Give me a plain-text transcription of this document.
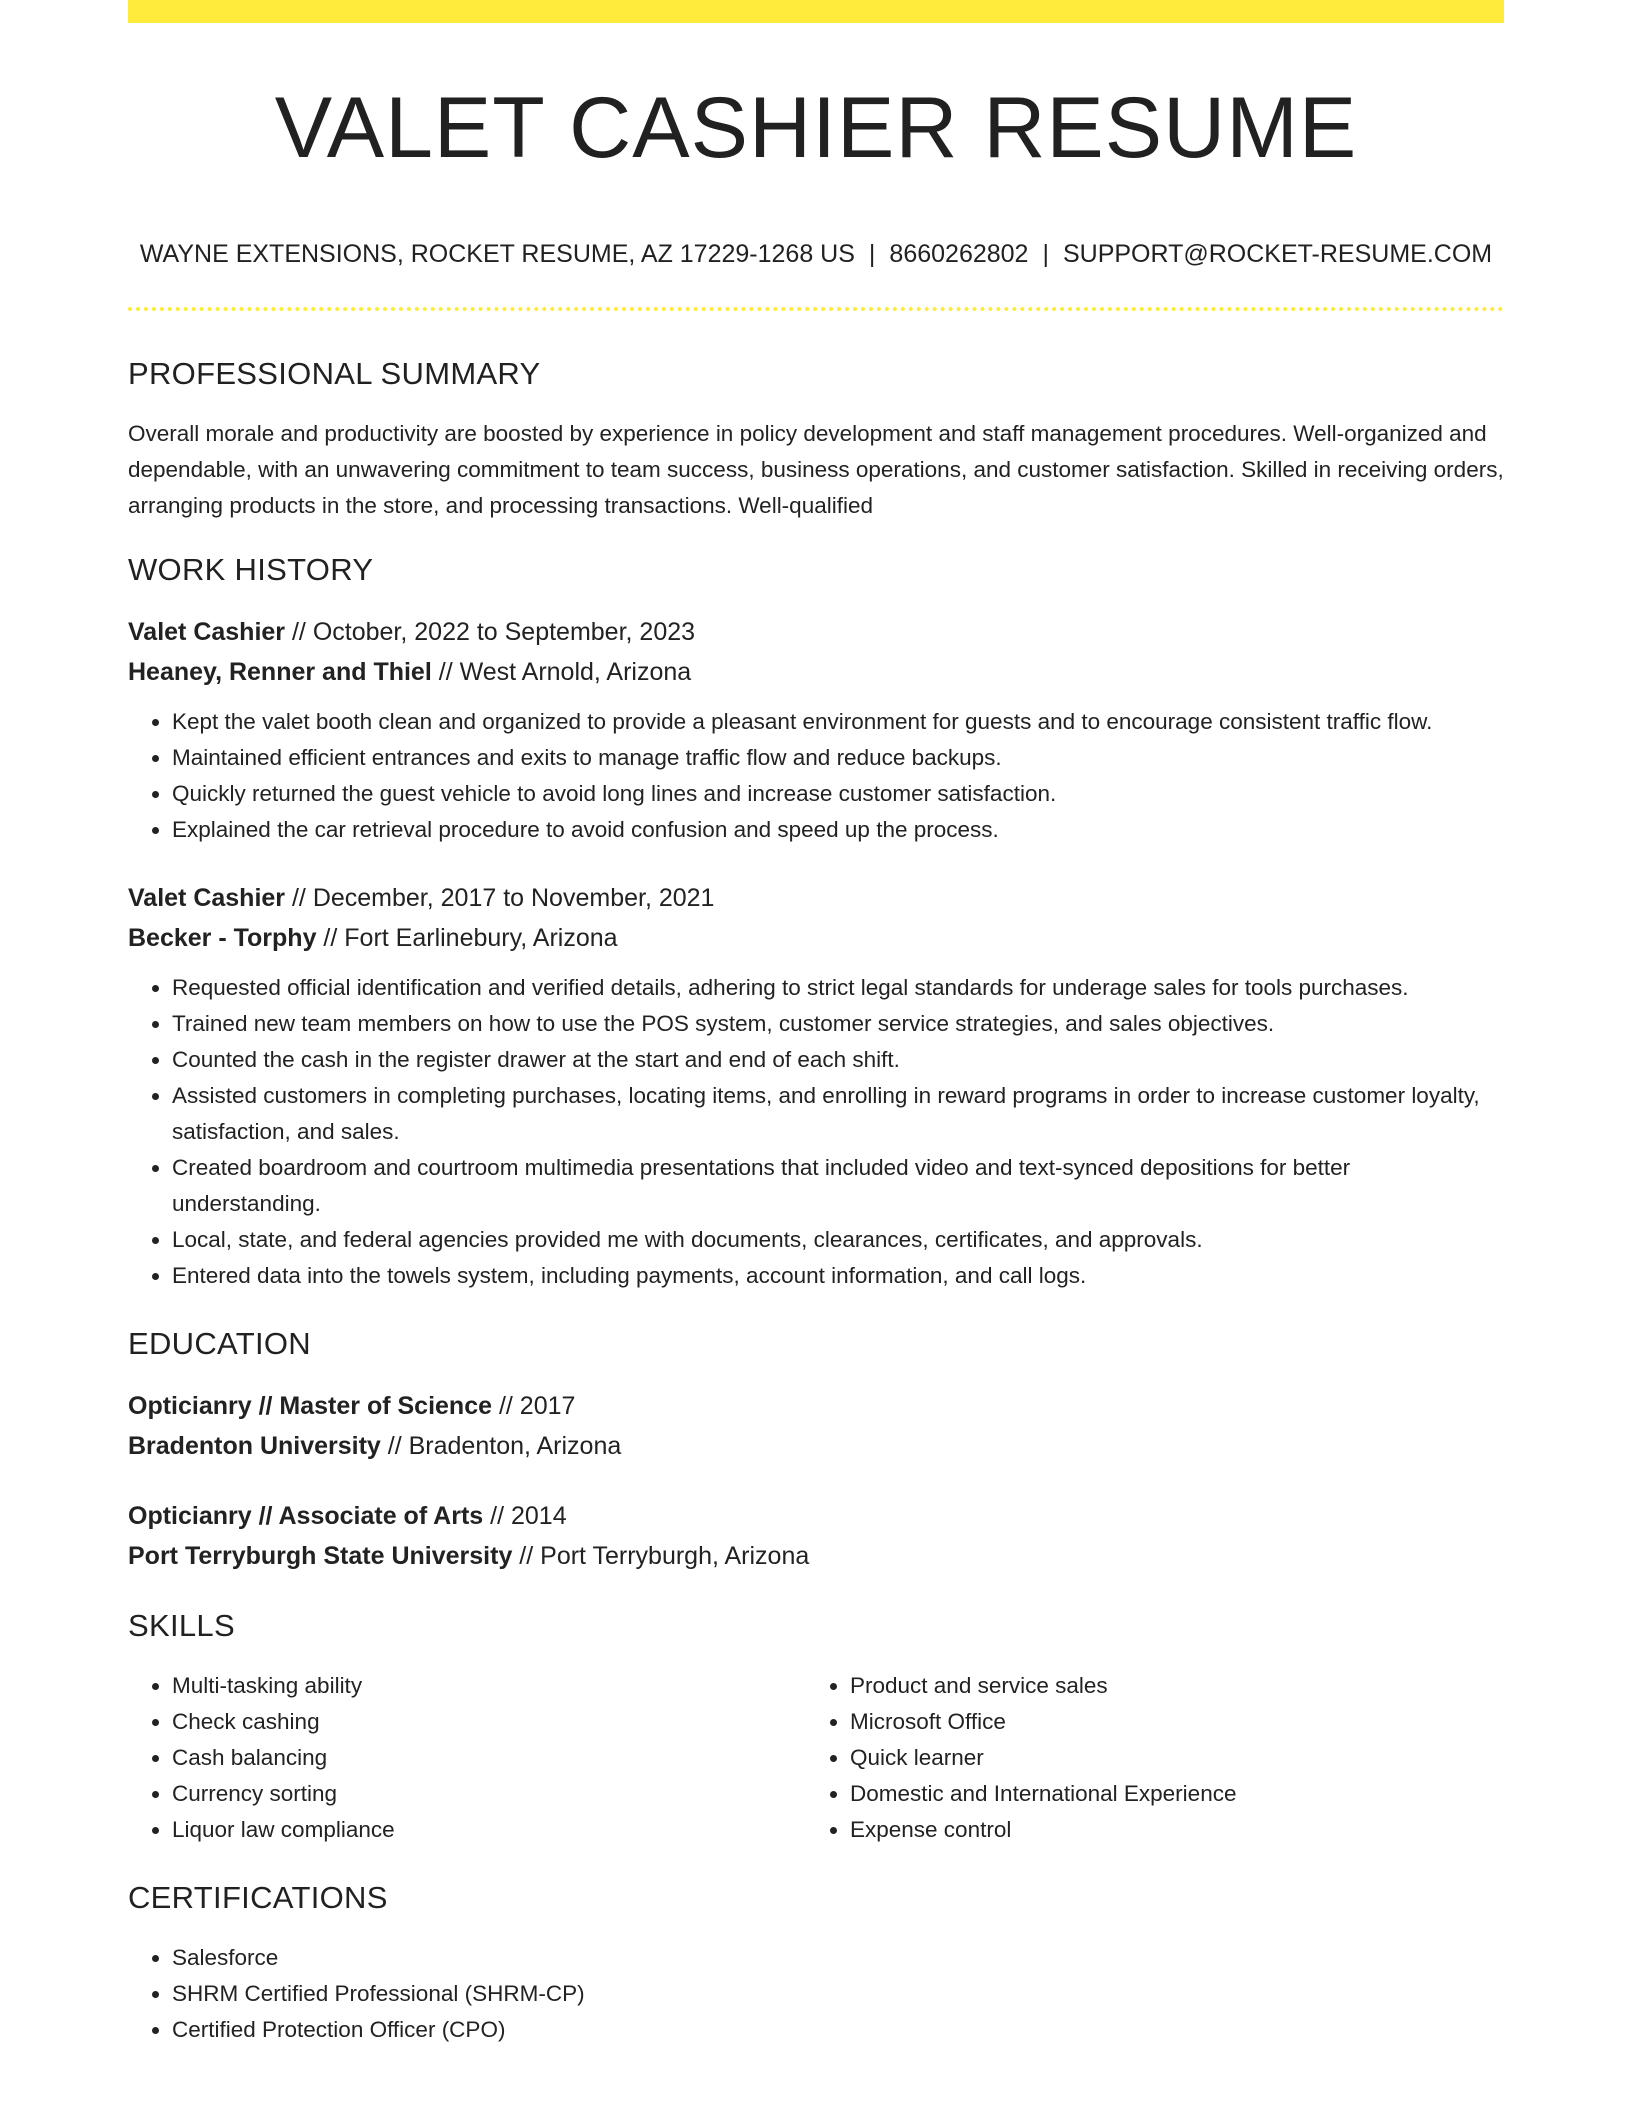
VALET CASHIER RESUME
WAYNE EXTENSIONS, ROCKET RESUME, AZ 17229-1268 US | 8660262802 | SUPPORT@ROCKET-RESUME.COM
PROFESSIONAL SUMMARY

Overall morale and productivity are boosted by experience in policy development and staff management procedures. Well-organized and dependable, with an unwavering commitment to team success, business operations, and customer satisfaction. Skilled in receiving orders, arranging products in the store, and processing transactions. Well-qualified

WORK HISTORY

Valet Cashier // October, 2022 to September, 2023

Heaney, Renner and Thiel // West Arnold, Arizona

• Kept the valet booth clean and organized to provide a pleasant environment for guests and to encourage consistent traffic flow.
• Maintained efficient entrances and exits to manage traffic flow and reduce backups.
• Quickly returned the guest vehicle to avoid long lines and increase customer satisfaction.
• Explained the car retrieval procedure to avoid confusion and speed up the process.

Valet Cashier // December, 2017 to November, 2021

Becker - Torphy // Fort Earlinebury, Arizona

• Requested official identification and verified details, adhering to strict legal standards for underage sales for tools purchases.
• Trained new team members on how to use the POS system, customer service strategies, and sales objectives.
• Counted the cash in the register drawer at the start and end of each shift.
• Assisted customers in completing purchases, locating items, and enrolling in reward programs in order to increase customer loyalty, satisfaction, and sales.
• Created boardroom and courtroom multimedia presentations that included video and text-synced depositions for better understanding.
• Local, state, and federal agencies provided me with documents, clearances, certificates, and approvals.
• Entered data into the towels system, including payments, account information, and call logs.
EDUCATION

Opticianry // Master of Science // 2017

Bradenton University // Bradenton, Arizona

Opticianry // Associate of Arts // 2014

Port Terryburgh State University // Port Terryburgh, Arizona

SKILLS
• Multi-tasking ability
• Check cashing
• Cash balancing
• Currency sorting
• Liquor law compliance
• Product and service sales
• Microsoft Office
• Quick learner
• Domestic and International Experience
• Expense control
CERTIFICATIONS
• Salesforce
• SHRM Certified Professional (SHRM-CP)
• Certified Protection Officer (CPO)
